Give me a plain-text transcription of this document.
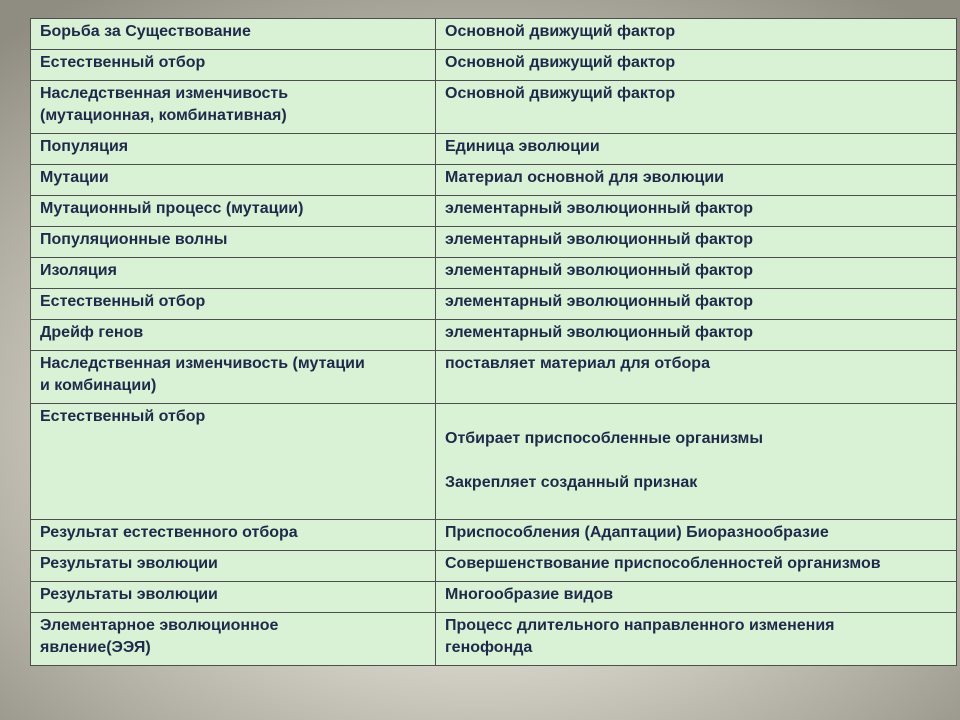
Борьба за Существование	Основной движущий фактор
Естественный отбор	Основной движущий фактор
Наследственная изменчивость
(мутационная, комбинативная)	Основной движущий фактор
Популяция	Единица эволюции
Мутации	Материал основной для эволюции
Мутационный процесс (мутации)	элементарный эволюционный фактор
Популяционные волны	элементарный эволюционный фактор
Изоляция	элементарный эволюционный фактор
Естественный отбор	элементарный эволюционный фактор
Дрейф генов	элементарный эволюционный фактор
Наследственная изменчивость (мутации
и комбинации)	поставляет материал для отбора
Естественный отбор	Отбирает приспособленные организмы

Закрепляет созданный признак

Результат естественного отбора	Приспособления (Адаптации) Биоразнообразие
Результаты эволюции	Совершенствование приспособленностей организмов
Результаты эволюции	Многообразие видов
Элементарное эволюционное
явление(ЭЭЯ)	Процесс длительного направленного изменения
генофонда
